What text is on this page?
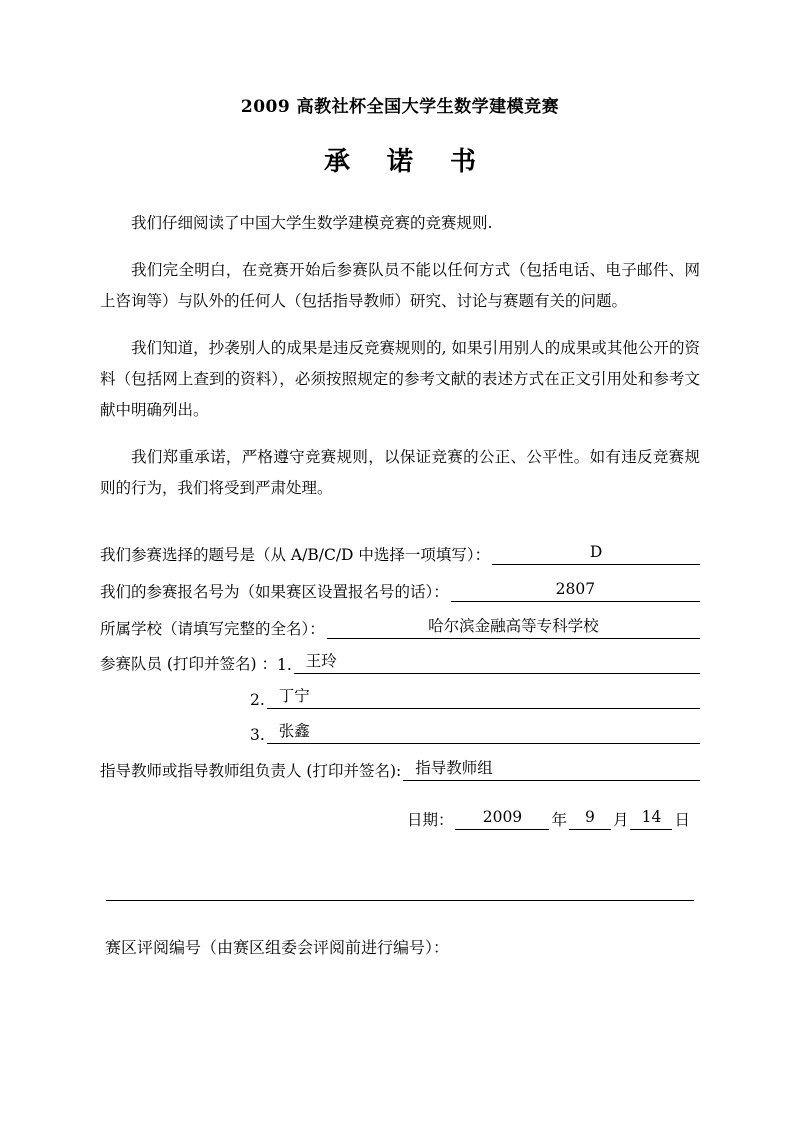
2009 高教社杯全国大学生数学建模竞赛
承 诺 书
我们仔细阅读了中国大学生数学建模竞赛的竞赛规则.
我们完全明白，在竞赛开始后参赛队员不能以任何方式（包括电话、电子邮件、网上咨询等）与队外的任何人（包括指导教师）研究、讨论与赛题有关的问题。
我们知道，抄袭别人的成果是违反竞赛规则的, 如果引用别人的成果或其他公开的资料（包括网上查到的资料），必须按照规定的参考文献的表述方式在正文引用处和参考文献中明确列出。
我们郑重承诺，严格遵守竞赛规则，以保证竞赛的公正、公平性。如有违反竞赛规则的行为，我们将受到严肃处理。
我们参赛选择的题号是（从 A/B/C/D 中选择一项填写）：	D
我们的参赛报名号为（如果赛区设置报名号的话）：	2807
所属学校（请填写完整的全名）：	哈尔滨金融高等专科学校
参赛队员 (打印并签名) ： 1. 王玲
2. 丁宁
3. 张鑫
指导教师或指导教师组负责人 (打印并签名): 指导教师组
日期：	2009	年	9	月 14 日
赛区评阅编号（由赛区组委会评阅前进行编号）：
